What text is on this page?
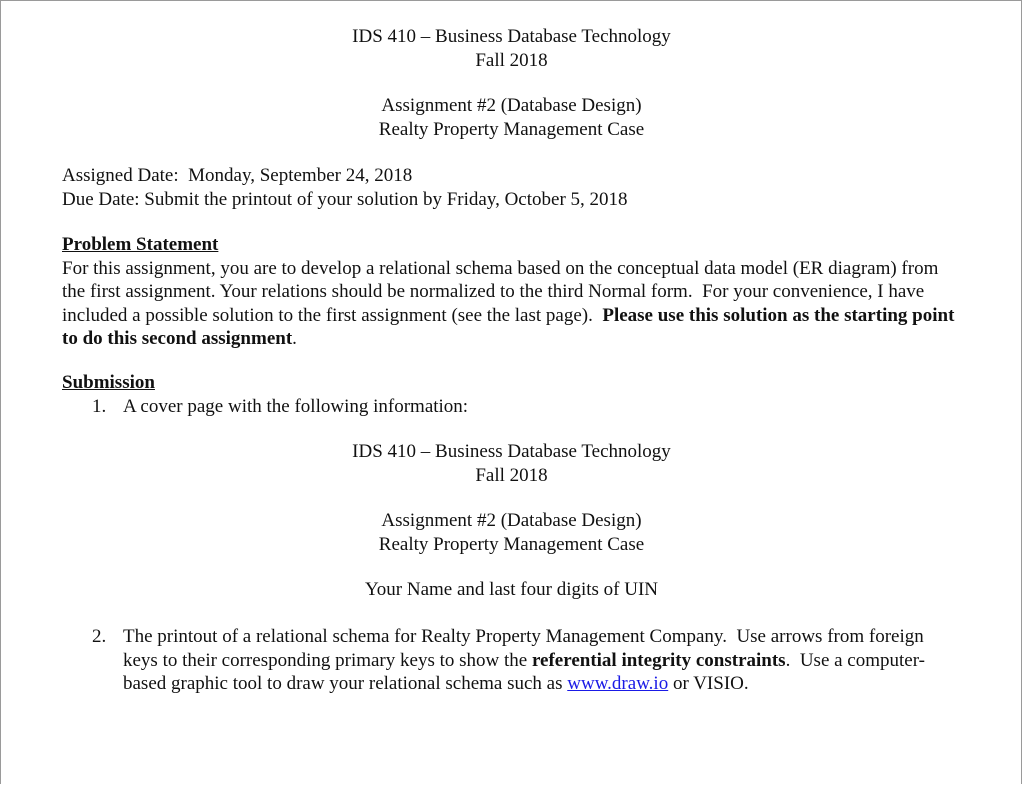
IDS 410 – Business Database Technology

Fall 2018

Assignment #2 (Database Design)

Realty Property Management Case

Assigned Date:  Monday, September 24, 2018

Due Date: Submit the printout of your solution by Friday, October 5, 2018

Problem Statement

For this assignment, you are to develop a relational schema based on the conceptual data model (ER diagram) from the first assignment. Your relations should be normalized to the third Normal form.  For your convenience, I have included a possible solution to the first assignment (see the last page).  Please use this solution as the starting point to do this second assignment.

Submission

1. A cover page with the following information:

IDS 410 – Business Database Technology

Fall 2018

Assignment #2 (Database Design)

Realty Property Management Case

Your Name and last four digits of UIN

2. The printout of a relational schema for Realty Property Management Company.  Use arrows from foreign keys to their corresponding primary keys to show the referential integrity constraints.  Use a computer-based graphic tool to draw your relational schema such as www.draw.io or VISIO.
